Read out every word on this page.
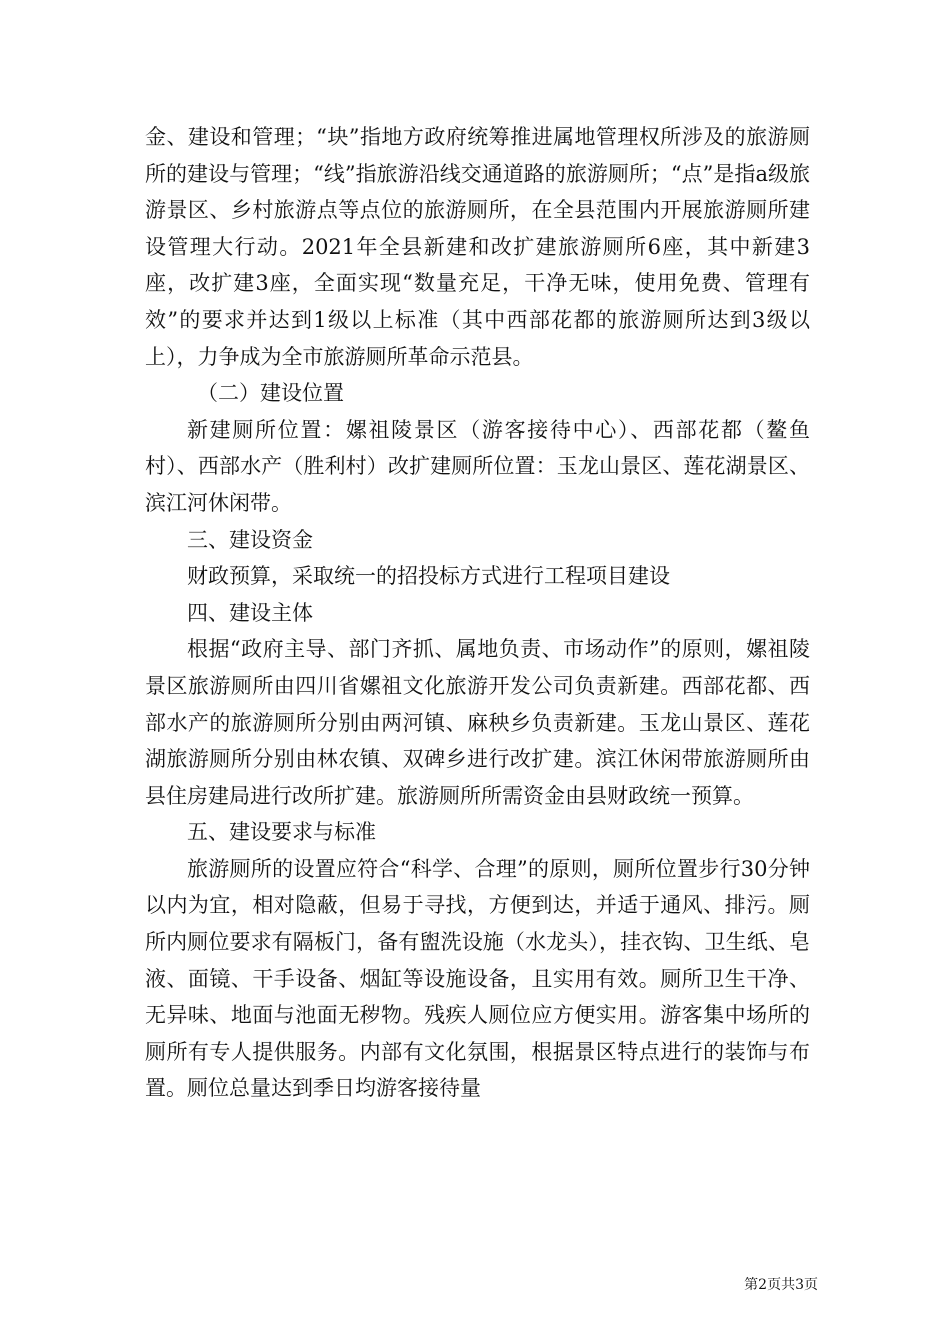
金、建设和管理；“块”指地方政府统筹推进属地管理权所涉及的旅游厕所的建设与管理；“线”指旅游沿线交通道路的旅游厕所；“点”是指a级旅游景区、乡村旅游点等点位的旅游厕所，在全县范围内开展旅游厕所建设管理大行动。2021年全县新建和改扩建旅游厕所6座，其中新建3座，改扩建3座，全面实现“数量充足，干净无味，使用免费、管理有效”的要求并达到1级以上标准（其中西部花都的旅游厕所达到3级以上），力争成为全市旅游厕所革命示范县。

（二）建设位置

新建厕所位置：嫘祖陵景区（游客接待中心）、西部花都（鳌鱼村）、西部水产（胜利村）改扩建厕所位置：玉龙山景区、莲花湖景区、滨江河休闲带。

三、建设资金

财政预算，采取统一的招投标方式进行工程项目建设

四、建设主体

根据“政府主导、部门齐抓、属地负责、市场动作”的原则，嫘祖陵景区旅游厕所由四川省嫘祖文化旅游开发公司负责新建。西部花都、西部水产的旅游厕所分别由两河镇、麻秧乡负责新建。玉龙山景区、莲花湖旅游厕所分别由林农镇、双碑乡进行改扩建。滨江休闲带旅游厕所由县住房建局进行改所扩建。旅游厕所所需资金由县财政统一预算。

五、建设要求与标准

旅游厕所的设置应符合“科学、合理”的原则，厕所位置步行30分钟以内为宜，相对隐蔽，但易于寻找，方便到达，并适于通风、排污。厕所内厕位要求有隔板门，备有盥洗设施（水龙头），挂衣钩、卫生纸、皂液、面镜、干手设备、烟缸等设施设备，且实用有效。厕所卫生干净、无异味、地面与池面无秽物。残疾人厕位应方便实用。游客集中场所的厕所有专人提供服务。内部有文化氛围，根据景区特点进行的装饰与布置。厕位总量达到季日均游客接待量

第2页共3页
